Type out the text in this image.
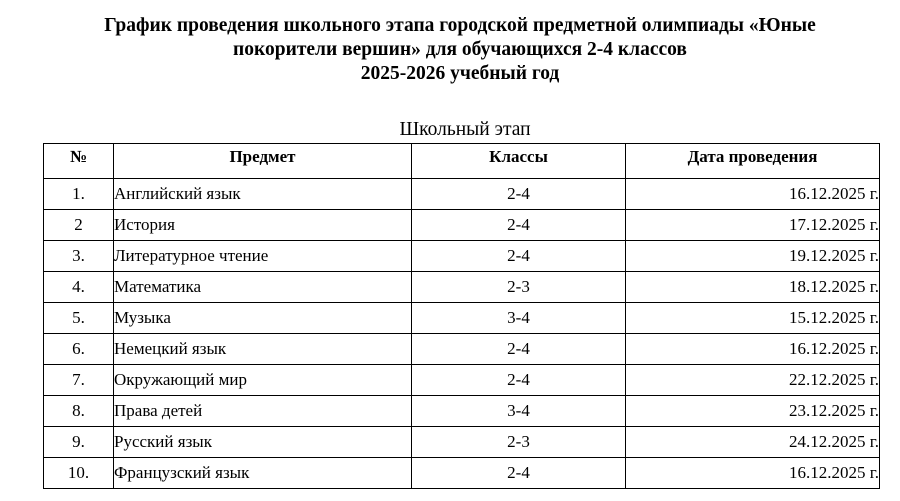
График проведения школьного этапа городской предметной олимпиады «Юные
покорители вершин» для обучающихся 2-4 классов
2025-2026 учебный год
Школьный этап
№	Предмет	Классы	Дата проведения
1.	Английский язык	2-4	16.12.2025 г.
2	История	2-4	17.12.2025 г.
3.	Литературное чтение	2-4	19.12.2025 г.
4.	Математика	2-3	18.12.2025 г.
5.	Музыка	3-4	15.12.2025 г.
6.	Немецкий язык	2-4	16.12.2025 г.
7.	Окружающий мир	2-4	22.12.2025 г.
8.	Права детей	3-4	23.12.2025 г.
9.	Русский язык	2-3	24.12.2025 г.
10.	Французский язык	2-4	16.12.2025 г.
